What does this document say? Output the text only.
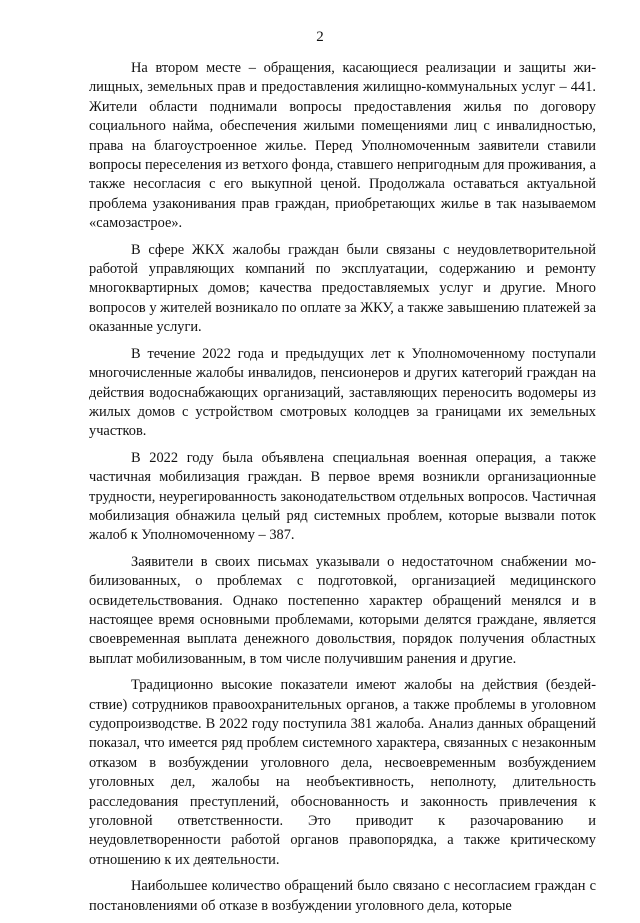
2

На втором месте – обращения, касающиеся реализации и защиты жилищных, земельных прав и предоставления жилищно-коммунальных услуг – 441. Жители области поднимали вопросы предоставления жилья по договору социального найма, обеспечения жилыми помещениями лиц с инвалидностью, права на благоустроенное жилье. Перед Уполномоченным заявители ставили вопросы переселения из ветхого фонда, ставшего непригодным для проживания, а также несогласия с его выкупной ценой. Продолжала оставаться актуальной проблема узаконивания прав граждан, приобретающих жилье в так называемом «самозастрое».

В сфере ЖКХ жалобы граждан были связаны с неудовлетворительной работой управляющих компаний по эксплуатации, содержанию и ремонту многоквартирных домов; качества предоставляемых услуг и другие. Много вопросов у жителей возникало по оплате за ЖКУ, а также завышению платежей за оказанные услуги.

В течение 2022 года и предыдущих лет к Уполномоченному поступали многочисленные жалобы инвалидов, пенсионеров и других категорий граждан на действия водоснабжающих организаций, заставляющих переносить водомеры из жилых домов с устройством смотровых колодцев за границами их земельных участков.

В 2022 году была объявлена специальная военная операция, а также частичная мобилизация граждан. В первое время возникли организационные трудности, неурегированность законодательством отдельных вопросов. Частичная мобилизация обнажила целый ряд системных проблем, которые вызвали поток жалоб к Уполномоченному – 387.

Заявители в своих письмах указывали о недостаточном снабжении мобилизованных, о проблемах с подготовкой, организацией медицинского освидетельствования. Однако постепенно характер обращений менялся и в настоящее время основными проблемами, которыми делятся граждане, является своевременная выплата денежного довольствия, порядок получения областных выплат мобилизованным, в том числе получившим ранения и другие.

Традиционно высокие показатели имеют жалобы на действия (бездействие) сотрудников правоохранительных органов, а также проблемы в уголовном судопроизводстве. В 2022 году поступила 381 жалоба. Анализ данных обращений показал, что имеется ряд проблем системного характера, связанных с незаконным отказом в возбуждении уголовного дела, несвоевременным возбуждением уголовных дел, жалобы на необъективность, неполноту, длительность расследования преступлений, обоснованность и законность привлечения к уголовной ответственности. Это приводит к разочарованию и неудовлетворенности работой органов правопорядка, а также критическому отношению к их деятельности.

Наибольшее количество обращений было связано с несогласием граждан с постановлениями об отказе в возбуждении уголовного дела, которые
